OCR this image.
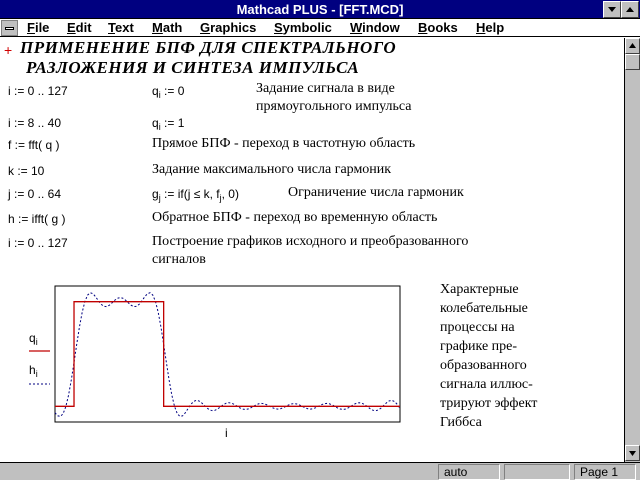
Mathcad PLUS - [FFT.MCD]
File Edit Text Math Graphics Symbolic Window Books Help
+ ПРИМЕНЕНИЕ БПФ ДЛЯ СПЕКТРАЛЬНОГО
РАЗЛОЖЕНИЯ И СИНТЕЗА ИМПУЛЬСА
i := 0 .. 127	$q_i$ := 0	Задание сигнала в виде
прямоугольного импульса
i := 8 .. 40	$q_i$ := 1
f := fft( q )	Прямое БПФ - переход в частотную область
k := 10	Задание максимального числа гармоник
j := 0 .. 64	$g_j$ := if(j ≤ k, $f_j$, 0)	Ограничение числа гармоник
h := ifft( g )	Обратное БПФ - переход во временную область
i := 0 .. 127	Построение графиков исходного и преобразованного
сигналов
$q_i$
$h_i$
i
Характерные
колебательные
процессы на
графике пре-
образованного
сигнала иллюс-
трируют эффект
Гиббса
auto	Page 1
